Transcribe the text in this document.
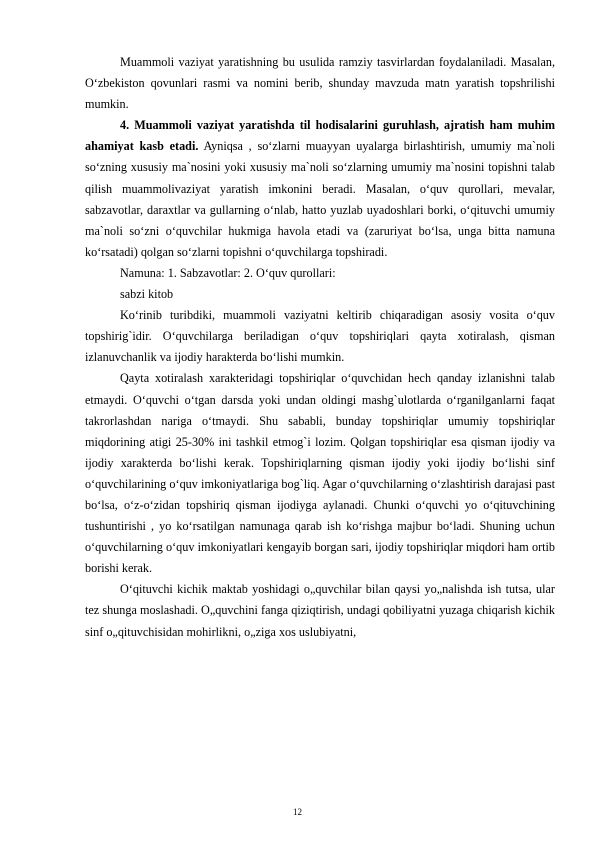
Muammoli vaziyat yaratishning bu usulida ramziy tasvirlardan foydalaniladi. Masalan, O‘zbekiston qovunlari rasmi va nomini berib, shunday mavzuda matn yaratish topshrilishi mumkin.

4. Muammoli vaziyat yaratishda til hodisalarini guruhlash, ajratish ham muhim ahamiyat kasb etadi. Ayniqsa , so‘zlarni muayyan uyalarga birlashtirish, umumiy ma`noli so‘zning xususiy ma`nosini yoki xususiy ma`noli so‘zlarning umumiy ma`nosini topishni talab qilish muammolivaziyat yaratish imkonini beradi. Masalan, o‘quv qurollari, mevalar, sabzavotlar, daraxtlar va gullarning o‘nlab, hatto yuzlab uyadoshlari borki, o‘qituvchi umumiy ma`noli so‘zni o‘quvchilar hukmiga havola etadi va (zaruriyat bo‘lsa, unga bitta namuna ko‘rsatadi) qolgan so‘zlarni topishni o‘quvchilarga topshiradi.

Namuna: 1. Sabzavotlar: 2. O‘quv qurollari:

sabzi kitob

Ko‘rinib turibdiki, muammoli vaziyatni keltirib chiqaradigan asosiy vosita o‘quv topshirig`idir. O‘quvchilarga beriladigan o‘quv topshiriqlari qayta xotiralash, qisman izlanuvchanlik va ijodiy harakterda bo‘lishi mumkin.

Qayta xotiralash xarakteridagi topshiriqlar o‘quvchidan hech qanday izlanishni talab etmaydi. O‘quvchi o‘tgan darsda yoki undan oldingi mashg`ulotlarda o‘rganilganlarni faqat takrorlashdan nariga o‘tmaydi. Shu sababli, bunday topshiriqlar umumiy topshiriqlar miqdorining atigi 25-30% ini tashkil etmog`i lozim. Qolgan topshiriqlar esa qisman ijodiy va ijodiy xarakterda bo‘lishi kerak. Topshiriqlarning qisman ijodiy yoki ijodiy bo‘lishi sinf o‘quvchilarining o‘quv imkoniyatlariga bog`liq. Agar o‘quvchilarning o‘zlashtirish darajasi past bo‘lsa, o‘z-o‘zidan topshiriq qisman ijodiyga aylanadi. Chunki o‘quvchi yo o‘qituvchining tushuntirishi , yo ko‘rsatilgan namunaga qarab ish ko‘rishga majbur bo‘ladi. Shuning uchun o‘quvchilarning o‘quv imkoniyatlari kengayib borgan sari, ijodiy topshiriqlar miqdori ham ortib borishi kerak.

O‘qituvchi kichik maktab yoshidagi o„quvchilar bilan qaysi yo„nalishda ish tutsa, ular tez shunga moslashadi. O„quvchini fanga qiziqtirish, undagi qobiliyatni yuzaga chiqarish kichik sinf o„qituvchisidan mohirlikni, o„ziga xos uslubiyatni,

12
